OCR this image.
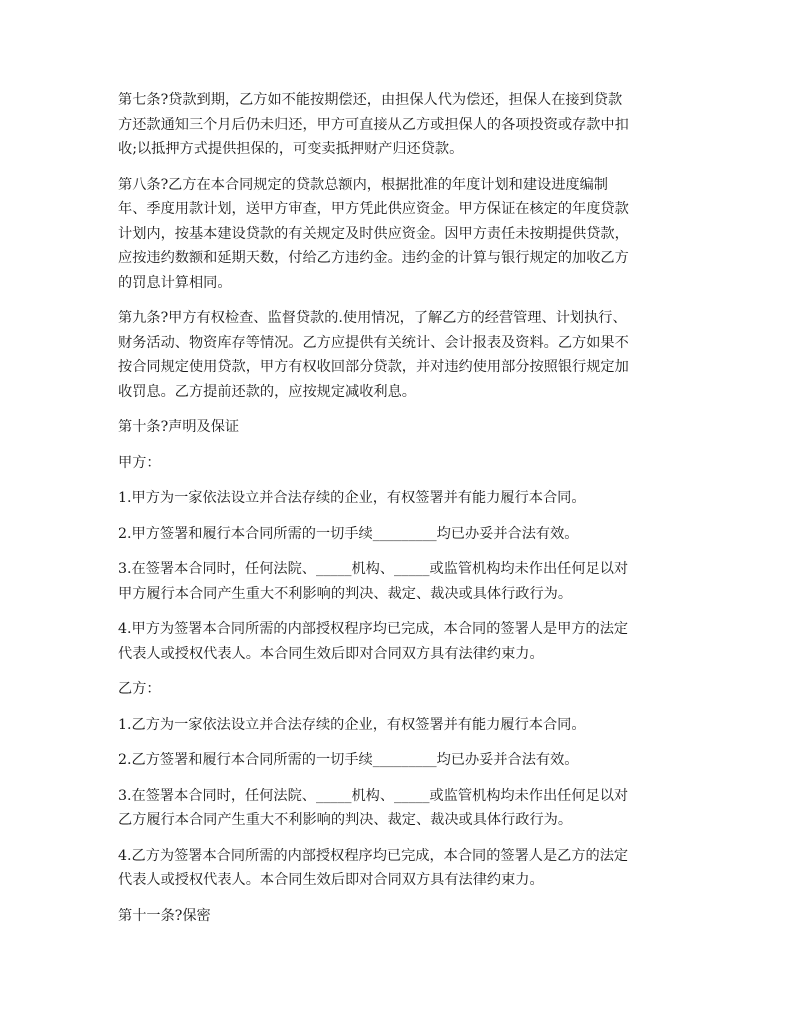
第七条?贷款到期，乙方如不能按期偿还，由担保人代为偿还，担保人在接到贷款
方还款通知三个月后仍未归还，甲方可直接从乙方或担保人的各项投资或存款中扣
收;以抵押方式提供担保的，可变卖抵押财产归还贷款。

第八条?乙方在本合同规定的贷款总额内，根据批准的年度计划和建设进度编制
年、季度用款计划，送甲方审查，甲方凭此供应资金。甲方保证在核定的年度贷款
计划内，按基本建设贷款的有关规定及时供应资金。因甲方责任未按期提供贷款，
应按违约数额和延期天数，付给乙方违约金。违约金的计算与银行规定的加收乙方
的罚息计算相同。

第九条?甲方有权检查、监督贷款的.使用情况，了解乙方的经营管理、计划执行、
财务活动、物资库存等情况。乙方应提供有关统计、会计报表及资料。乙方如果不
按合同规定使用贷款，甲方有权收回部分贷款，并对违约使用部分按照银行规定加
收罚息。乙方提前还款的，应按规定减收利息。

第十条?声明及保证

甲方：

1.甲方为一家依法设立并合法存续的企业，有权签署并有能力履行本合同。

2.甲方签署和履行本合同所需的一切手续_________均已办妥并合法有效。

3.在签署本合同时，任何法院、_____机构、_____或监管机构均未作出任何足以对
甲方履行本合同产生重大不利影响的判决、裁定、裁决或具体行政行为。

4.甲方为签署本合同所需的内部授权程序均已完成，本合同的签署人是甲方的法定
代表人或授权代表人。本合同生效后即对合同双方具有法律约束力。

乙方：

1.乙方为一家依法设立并合法存续的企业，有权签署并有能力履行本合同。

2.乙方签署和履行本合同所需的一切手续_________均已办妥并合法有效。

3.在签署本合同时，任何法院、_____机构、_____或监管机构均未作出任何足以对
乙方履行本合同产生重大不利影响的判决、裁定、裁决或具体行政行为。

4.乙方为签署本合同所需的内部授权程序均已完成，本合同的签署人是乙方的法定
代表人或授权代表人。本合同生效后即对合同双方具有法律约束力。

第十一条?保密
